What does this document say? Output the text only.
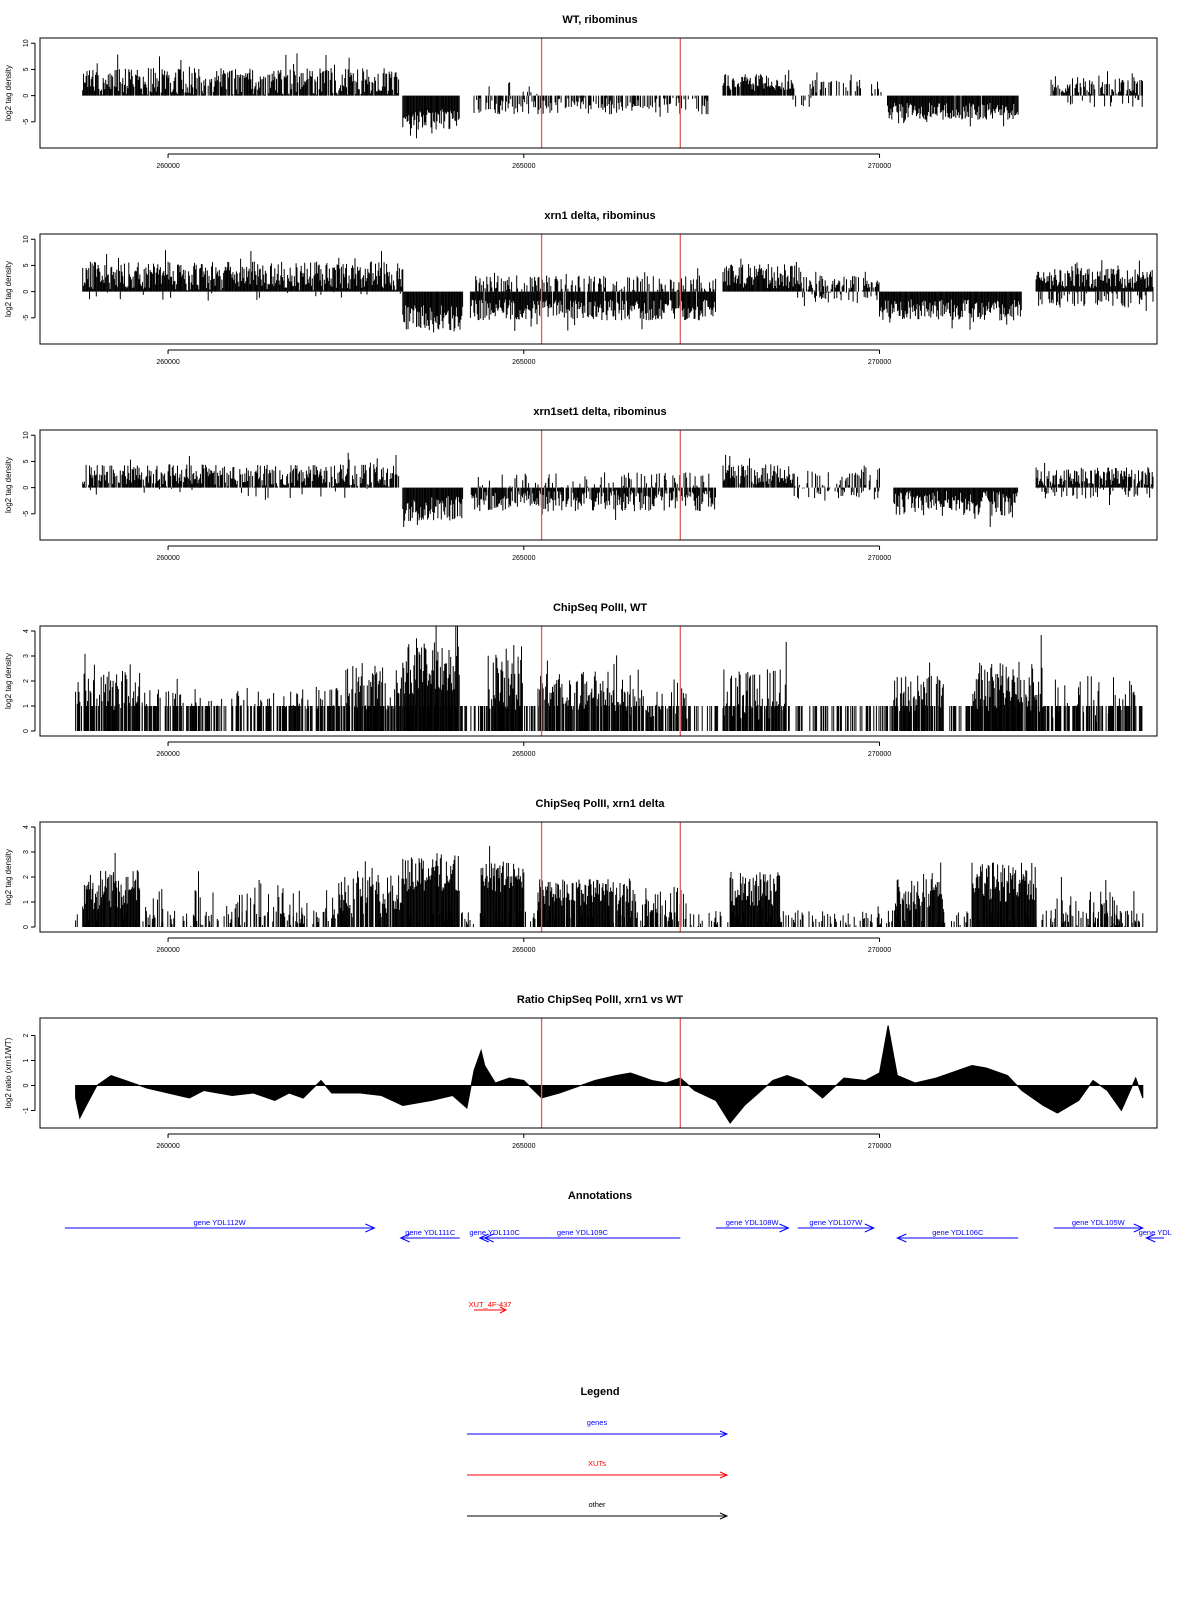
WT, ribominus
10
5
0
-5
log2 tag density
260000	265000	270000
xrn1 delta, ribominus
10
5
0
-5
log2 tag density
260000	265000	270000
xrn1set1 delta, ribominus
10
5
0
-5
log2 tag density
260000	265000	270000
ChipSeq PolII, WT
4
3
2
1
0
log2 tag density
260000	265000	270000
ChipSeq PolII, xrn1 delta
4
3
2
1
0
log2 tag density
260000	265000	270000
Ratio ChipSeq PolII, xrn1 vs WT
2
1
0
-1
log2 ratio (xrn1/WT)
260000	265000	270000
Annotations
gene YDL112W
gene YDL111C gene YDL110C	gene YDL109C
gene YDL108W	gene YDL107W
gene YDL106C
gene YDL105W
gene YDL
XUT_4F-437
Legend
genes
XUTs
other
